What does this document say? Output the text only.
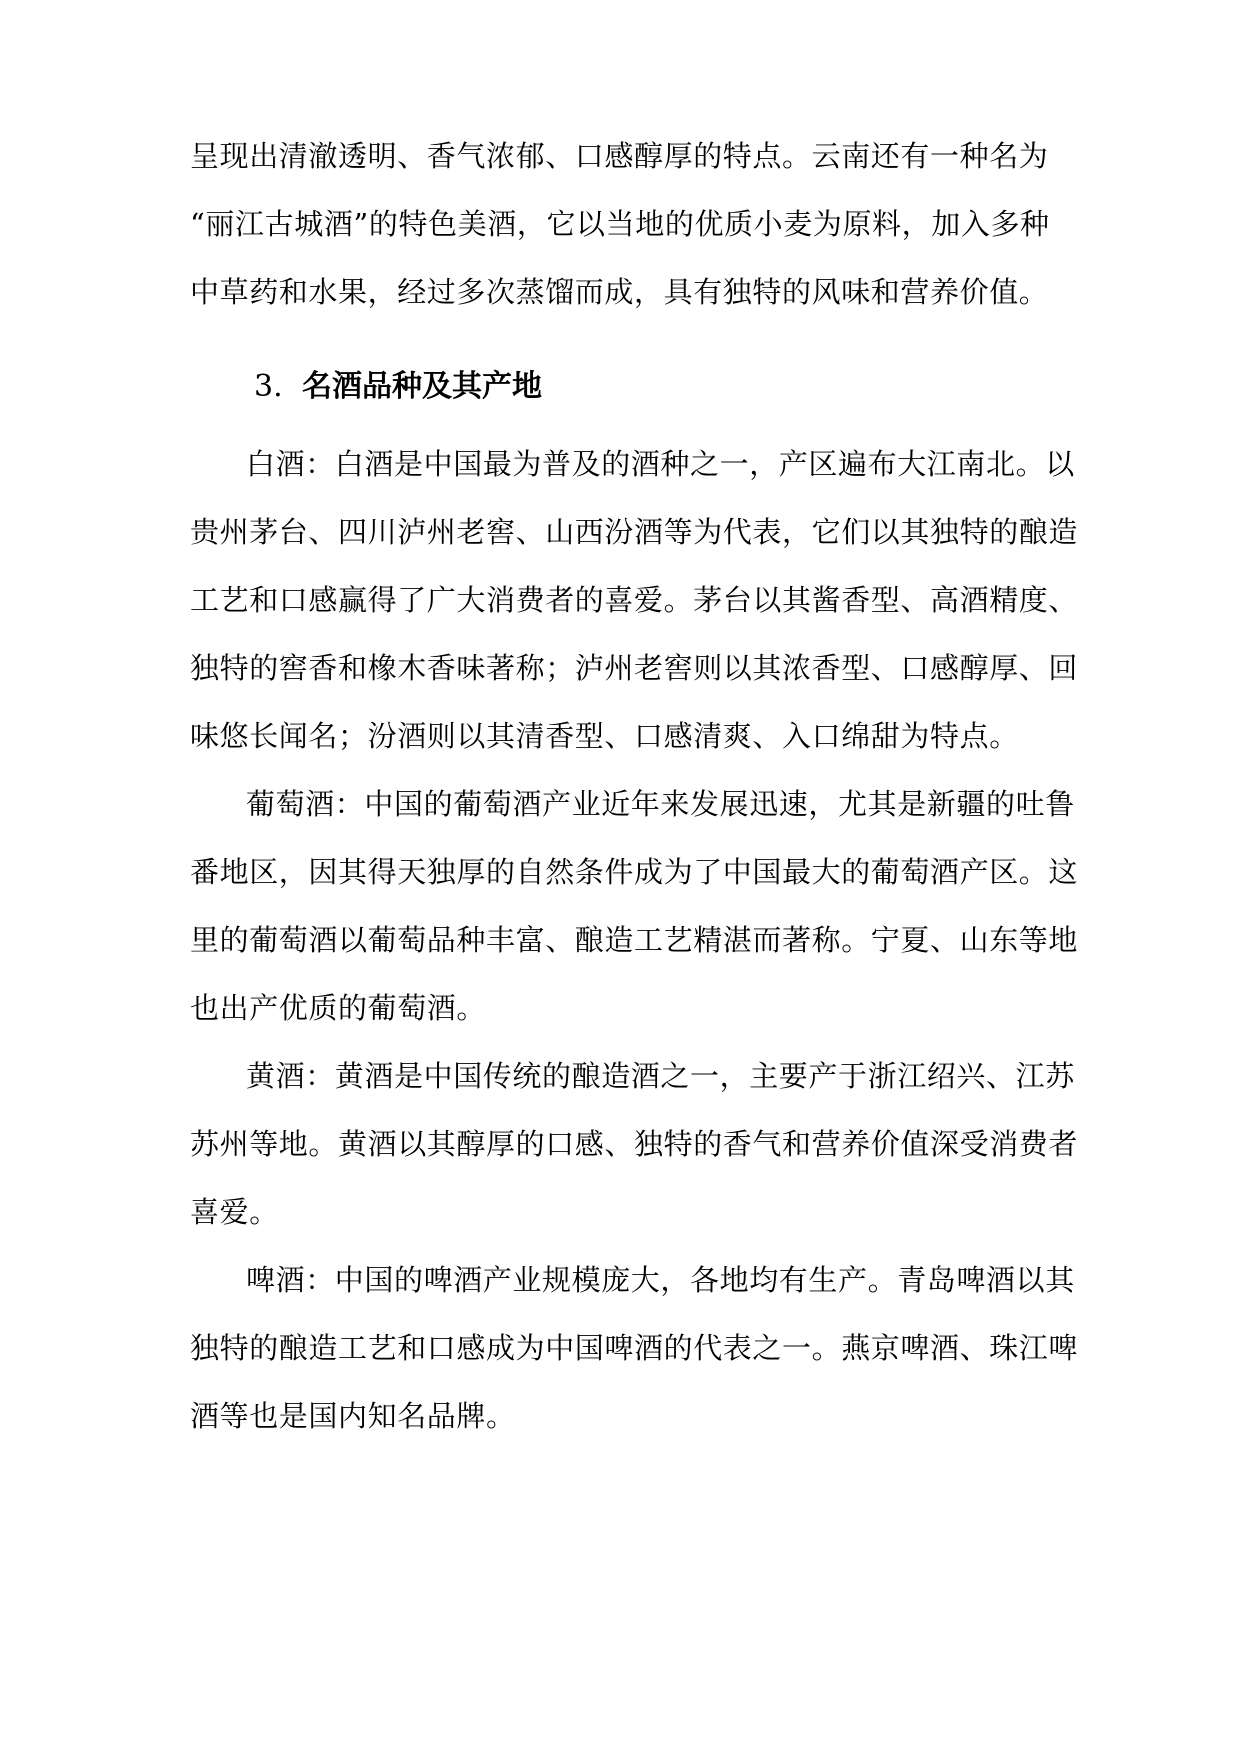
呈现出清澈透明、香气浓郁、口感醇厚的特点。云南还有一种名为
“丽江古城酒”的特色美酒，它以当地的优质小麦为原料，加入多种
中草药和水果，经过多次蒸馏而成，具有独特的风味和营养价值。
3. 名酒品种及其产地
白酒：白酒是中国最为普及的酒种之一，产区遍布大江南北。以
贵州茅台、四川泸州老窖、山西汾酒等为代表，它们以其独特的酿造
工艺和口感赢得了广大消费者的喜爱。茅台以其酱香型、高酒精度、
独特的窖香和橡木香味著称；泸州老窖则以其浓香型、口感醇厚、回
味悠长闻名；汾酒则以其清香型、口感清爽、入口绵甜为特点。
葡萄酒：中国的葡萄酒产业近年来发展迅速，尤其是新疆的吐鲁
番地区，因其得天独厚的自然条件成为了中国最大的葡萄酒产区。这
里的葡萄酒以葡萄品种丰富、酿造工艺精湛而著称。宁夏、山东等地
也出产优质的葡萄酒。
黄酒：黄酒是中国传统的酿造酒之一，主要产于浙江绍兴、江苏
苏州等地。黄酒以其醇厚的口感、独特的香气和营养价值深受消费者
喜爱。
啤酒：中国的啤酒产业规模庞大，各地均有生产。青岛啤酒以其
独特的酿造工艺和口感成为中国啤酒的代表之一。燕京啤酒、珠江啤
酒等也是国内知名品牌。
